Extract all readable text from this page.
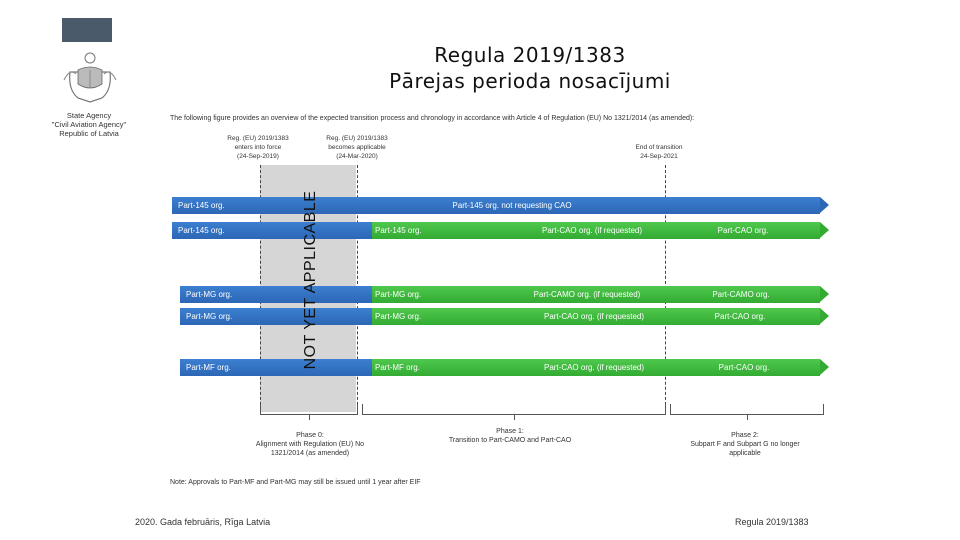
State Agency
"Civil Aviation Agency"
Republic of Latvia
Regula 2019/1383
Pārejas perioda nosacījumi
The following figure provides an overview of the expected transition process and chronology in accordance with Article 4 of Regulation (EU) No 1321/2014 (as amended):
Reg. (EU) 2019/1383
enters into force
(24-Sep-2019)
Reg. (EU) 2019/1383
becomes applicable
(24-Mar-2020)
End of transition
24-Sep-2021
Part-145 org.	Part-145 org. not requesting CAO
Part-145 org.	Part-145 org.	Part-CAO org. (if requested)	Part-CAO org.
Part-MG org.	Part-MG org.	Part-CAMO org. (if requested)	Part-CAMO org.
Part-MG org.	Part-MG org.	Part-CAO org. (if requested)	Part-CAO org.
Part-MF org.	Part-MF org.	Part-CAO org. (if requested)	Part-CAO org.
NOT YET APPLICABLE
Phase 0:
Alignment with Regulation (EU) No
1321/2014 (as amended)
Phase 1:
Transition to Part-CAMO and Part-CAO
Phase 2:
Subpart F and Subpart G no longer
applicable
Note: Approvals to Part-MF and Part-MG may still be issued until 1 year after EIF
2020. Gada februāris, Rīga Latvia	Regula 2019/1383
